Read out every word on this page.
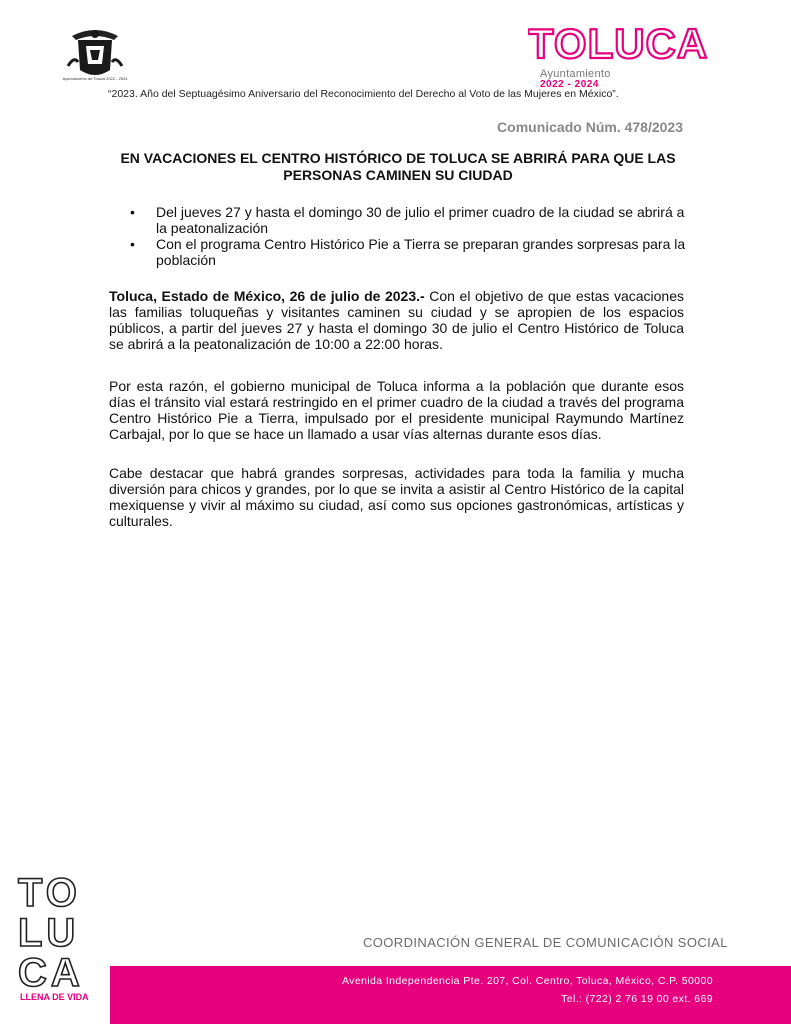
Ayuntamiento de Toluca 2022 - 2024
TOLUCA
Ayuntamiento
2022 - 2024
“2023. Año del Septuagésimo Aniversario del Reconocimiento del Derecho al Voto de las Mujeres en México”.
Comunicado Núm. 478/2023
EN VACACIONES EL CENTRO HISTÓRICO DE TOLUCA SE ABRIRÁ PARA QUE LAS PERSONAS CAMINEN SU CIUDAD
• Del jueves 27 y hasta el domingo 30 de julio el primer cuadro de la ciudad se abrirá a la peatonalización
• Con el programa Centro Histórico Pie a Tierra se preparan grandes sorpresas para la población

Toluca, Estado de México, 26 de julio de 2023.- Con el objetivo de que estas vacaciones las familias toluqueñas y visitantes caminen su ciudad y se apropien de los espacios públicos, a partir del jueves 27 y hasta el domingo 30 de julio el Centro Histórico de Toluca se abrirá a la peatonalización de 10:00 a 22:00 horas.

Por esta razón, el gobierno municipal de Toluca informa a la población que durante esos días el tránsito vial estará restringido en el primer cuadro de la ciudad a través del programa Centro Histórico Pie a Tierra, impulsado por el presidente municipal Raymundo Martínez Carbajal, por lo que se hace un llamado a usar vías alternas durante esos días.

Cabe destacar que habrá grandes sorpresas, actividades para toda la familia y mucha diversión para chicos y grandes, por lo que se invita a asistir al Centro Histórico de la capital mexiquense y vivir al máximo su ciudad, así como sus opciones gastronómicas, artísticas y culturales.

TO
LU
CA
LLENA DE VIDA
COORDINACIÓN GENERAL DE COMUNICACIÓN SOCIAL
Avenida Independencia Pte. 207, Col. Centro, Toluca, México, C.P. 50000
Tel.: (722) 2 76 19 00 ext. 669
